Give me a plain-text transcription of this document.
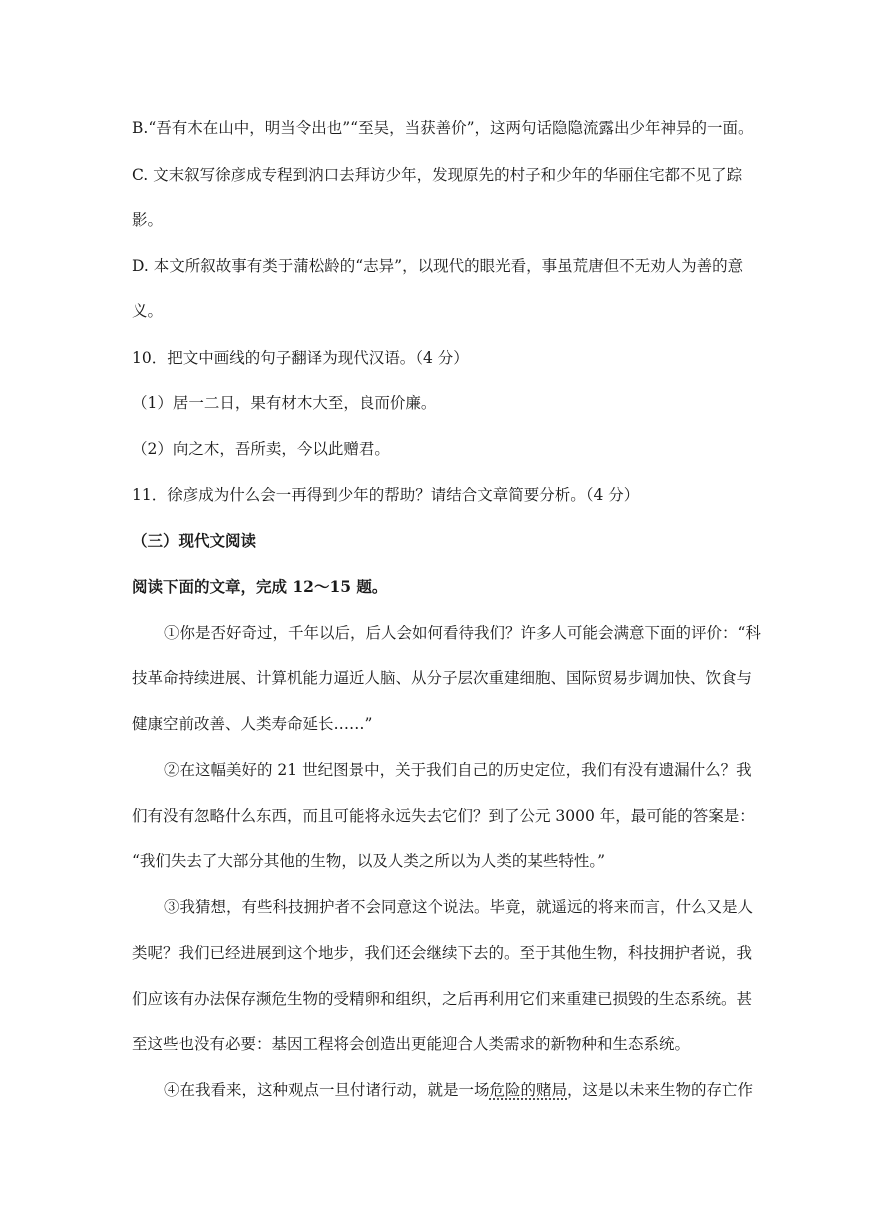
B.“吾有木在山中，明当令出也”“至吴，当获善价”，这两句话隐隐流露出少年神异的一面。
C. 文末叙写徐彦成专程到汭口去拜访少年，发现原先的村子和少年的华丽住宅都不见了踪
影。
D. 本文所叙故事有类于蒲松龄的“志异”，以现代的眼光看，事虽荒唐但不无劝人为善的意
义。
10．把文中画线的句子翻译为现代汉语。（4 分）
（1）居一二日，果有材木大至，良而价廉。
（2）向之木，吾所卖，今以此赠君。
11．徐彦成为什么会一再得到少年的帮助？请结合文章简要分析。（4 分）
（三）现代文阅读
阅读下面的文章，完成 12～15 题。
①你是否好奇过，千年以后，后人会如何看待我们？许多人可能会满意下面的评价：“科
技革命持续进展、计算机能力逼近人脑、从分子层次重建细胞、国际贸易步调加快、饮食与
健康空前改善、人类寿命延长……”
②在这幅美好的 21 世纪图景中，关于我们自己的历史定位，我们有没有遗漏什么？我
们有没有忽略什么东西，而且可能将永远失去它们？到了公元 3000 年，最可能的答案是：
“我们失去了大部分其他的生物，以及人类之所以为人类的某些特性。”
③我猜想，有些科技拥护者不会同意这个说法。毕竟，就遥远的将来而言，什么又是人
类呢？我们已经进展到这个地步，我们还会继续下去的。至于其他生物，科技拥护者说，我
们应该有办法保存濒危生物的受精卵和组织，之后再利用它们来重建已损毁的生态系统。甚
至这些也没有必要：基因工程将会创造出更能迎合人类需求的新物种和生态系统。
④在我看来，这种观点一旦付诸行动，就是一场危险的赌局，这是以未来生物的存亡作
